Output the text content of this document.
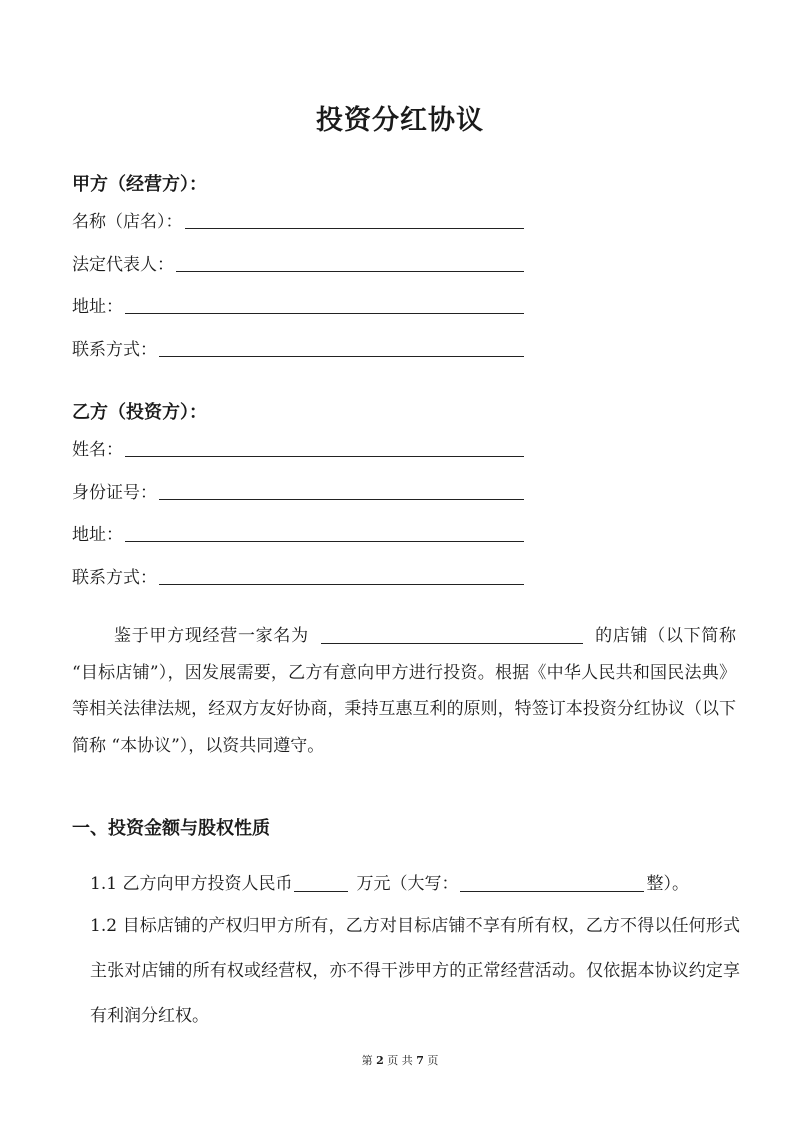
投资分红协议
甲方（经营方）：
名称（店名）：
法定代表人：
地址：
联系方式：
乙方（投资方）：
姓名：
身份证号：
地址：
联系方式：
鉴于甲方现经营一家名为	的店铺（以下简称 “目标店铺”），因发展需要，乙方有意向甲方进行投资。根据《中华人民共和国民法典》等相关法律法规，经双方友好协商，秉持互惠互利的原则，特签订本投资分红协议（以下简称 “本协议”），以资共同遵守。
一、投资金额与股权性质
1.1 乙方向甲方投资人民币	万元（大写：	整）。
1.2 目标店铺的产权归甲方所有，乙方对目标店铺不享有所有权，乙方不得以任何形式主张对店铺的所有权或经营权，亦不得干涉甲方的正常经营活动。仅依据本协议约定享有利润分红权。
第 2 页 共 7 页
